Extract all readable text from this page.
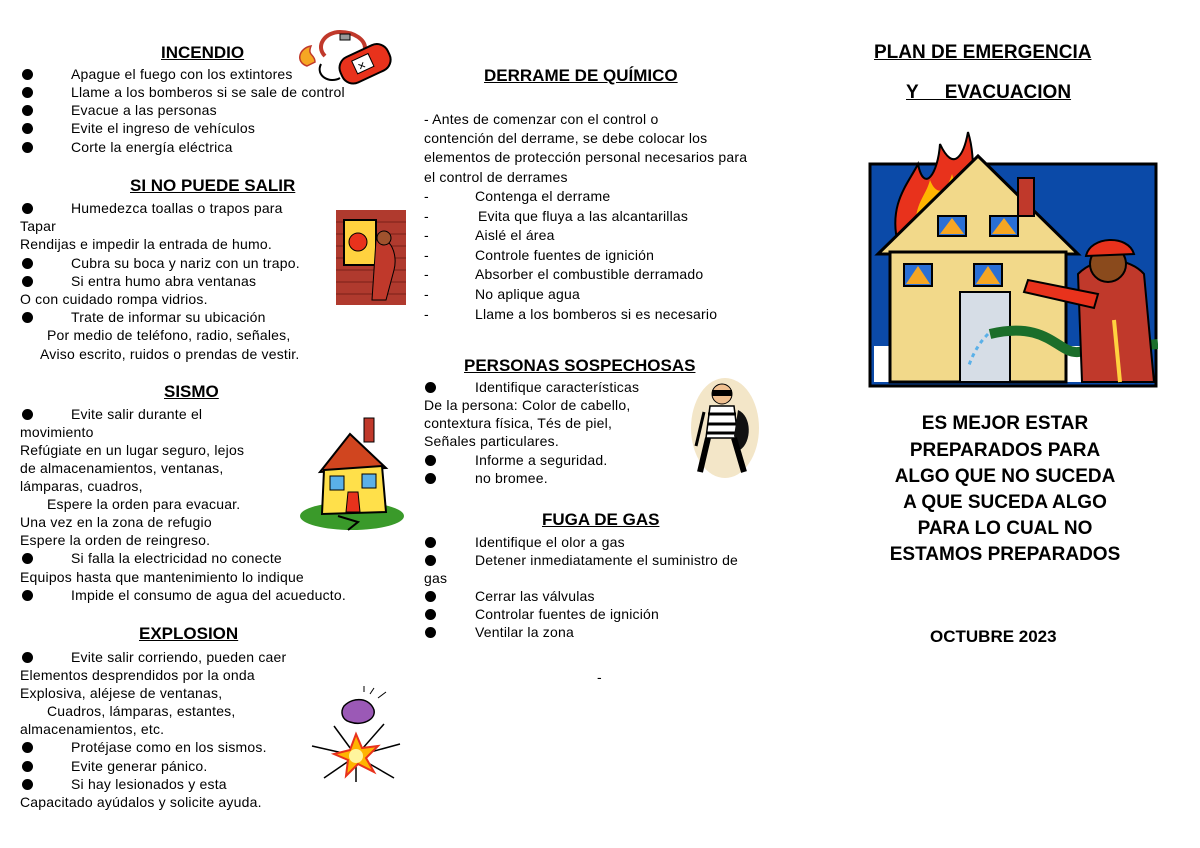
INCENDIO
Apague el fuego con los extintores
Llame a los bomberos si se sale de control
Evacue a las personas
Evite el ingreso de vehículos
Corte la energía eléctrica
✕
SI NO PUEDE SALIR
Humedezca toallas o trapos para
Tapar
Rendijas e impedir la entrada de humo.
Cubra su boca y nariz con un trapo.
Si entra humo abra ventanas
O con cuidado rompa vidrios.
Trate de informar su ubicación
Por medio de teléfono, radio, señales,
Aviso escrito, ruidos o prendas de vestir.
SISMO
Evite salir durante el
movimiento
Refúgiate en un lugar seguro, lejos
de almacenamientos, ventanas,
lámparas, cuadros,
Espere la orden para evacuar.
Una vez en la zona de refugio
Espere la orden de reingreso.
Si falla la electricidad no conecte
Equipos hasta que mantenimiento lo indique
Impide el consumo de agua del acueducto.
EXPLOSION
Evite salir corriendo, pueden caer
Elementos desprendidos por la onda
Explosiva, aléjese de ventanas,
Cuadros, lámparas, estantes,
almacenamientos, etc.
Protéjase como en los sismos.
Evite generar pánico.
Si hay lesionados y esta
Capacitado ayúdalos y solicite ayuda.
DERRAME DE QUÍMICO
- Antes de comenzar con el control o
contención del derrame, se debe colocar los
elementos de protección personal necesarios para
el control de derrames
-	Contenga el derrame
-	Evita que fluya a las alcantarillas
-	Aislé el área
-	Controle fuentes de ignición
-	Absorber el combustible derramado
-	No aplique agua
-	Llame a los bomberos si es necesario
PERSONAS SOSPECHOSAS
Identifique características
De la persona: Color de cabello,
contextura física, Tés de piel,
Señales particulares.
Informe a seguridad.
no bromee.
FUGA DE GAS
Identifique el olor a gas
Detener inmediatamente el suministro de
gas
Cerrar las válvulas
Controlar fuentes de ignición
Ventilar la zona
-
PLAN DE EMERGENCIA
Y     EVACUACION
ES MEJOR ESTAR
PREPARADOS PARA
ALGO QUE NO SUCEDA
A QUE SUCEDA ALGO
PARA LO CUAL NO
ESTAMOS PREPARADOS
OCTUBRE 2023
